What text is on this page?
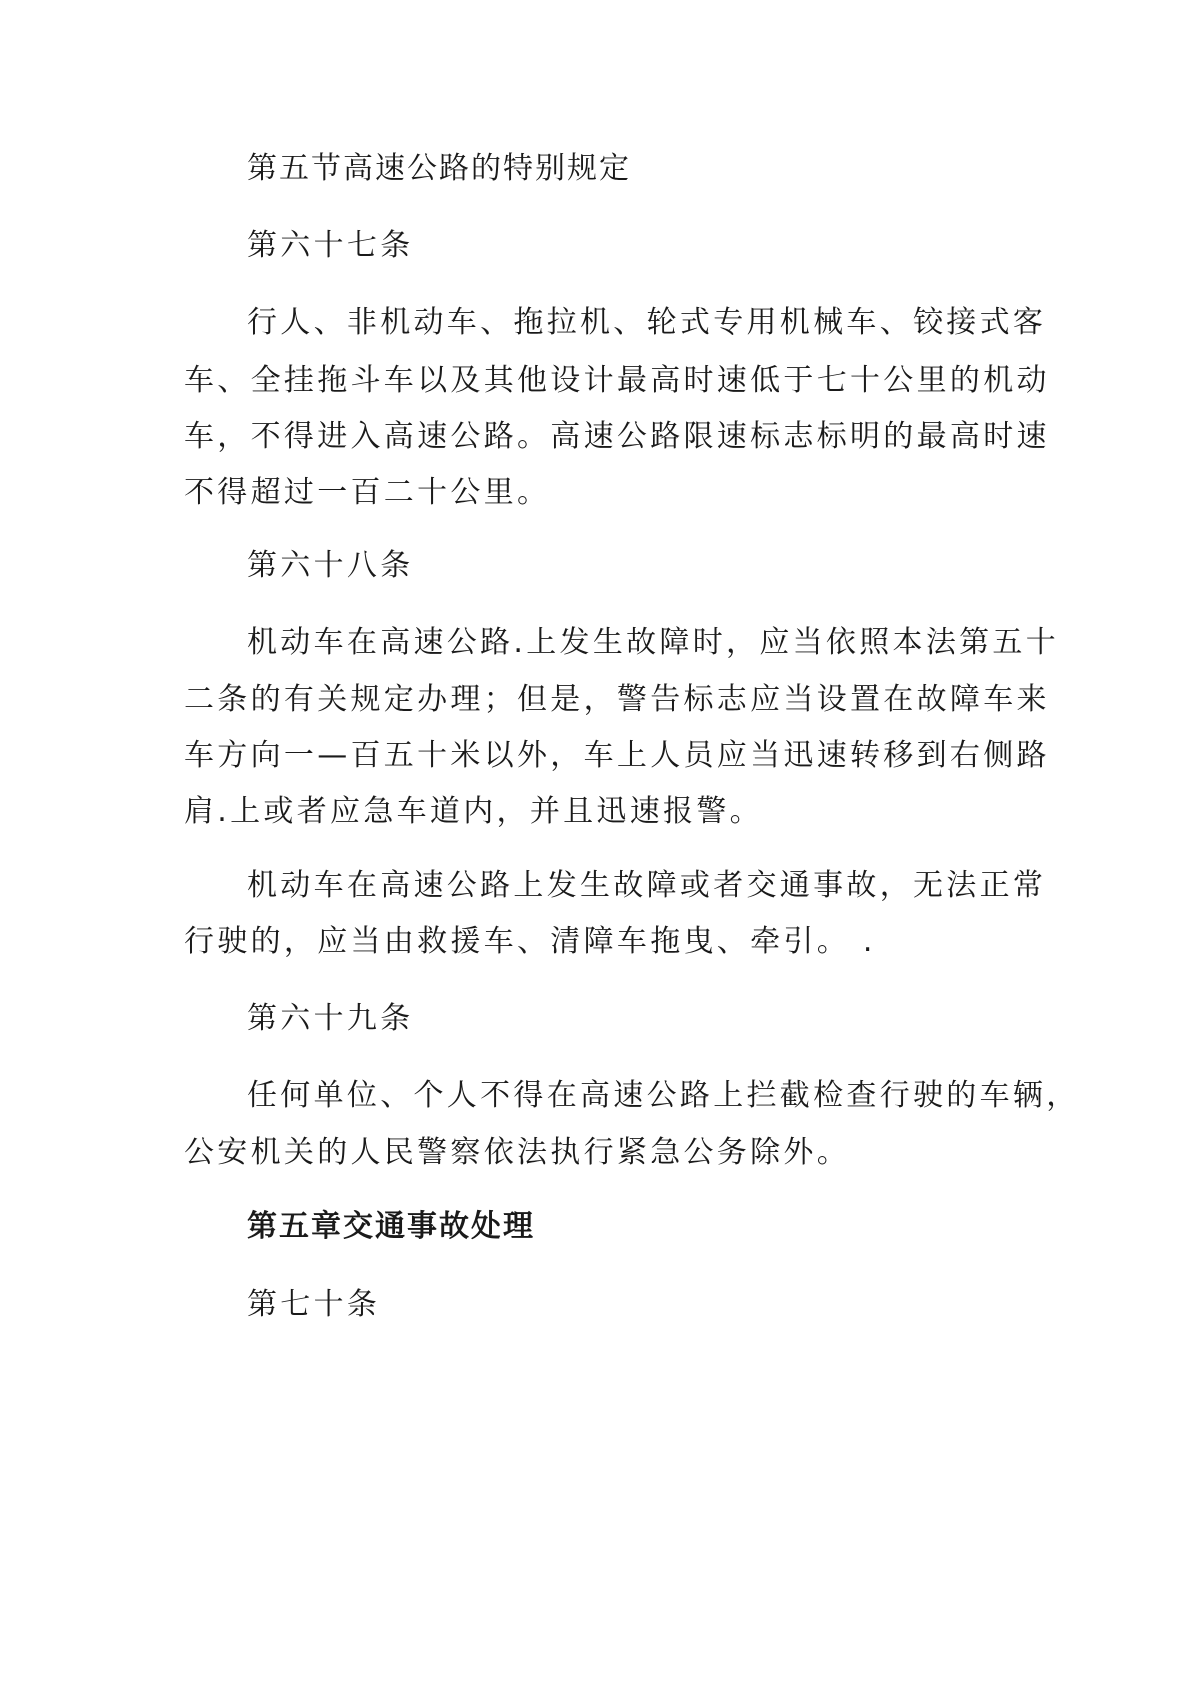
第五节高速公路的特别规定
第六十七条
行人、非机动车、拖拉机、轮式专用机械车、铰接式客
车、全挂拖斗车以及其他设计最高时速低于七十公里的机动
车，不得进入高速公路。高速公路限速标志标明的最高时速
不得超过一百二十公里。
第六十八条
机动车在高速公路.上发生故障时，应当依照本法第五十
二条的有关规定办理；但是，警告标志应当设置在故障车来
车方向一—百五十米以外，车上人员应当迅速转移到右侧路
肩.上或者应急车道内，并且迅速报警。
机动车在高速公路上发生故障或者交通事故，无法正常
行驶的，应当由救援车、清障车拖曳、牵引。 .
第六十九条
任何单位、个人不得在高速公路上拦截检查行驶的车辆，
公安机关的人民警察依法执行紧急公务除外。
第五章交通事故处理
第七十条
